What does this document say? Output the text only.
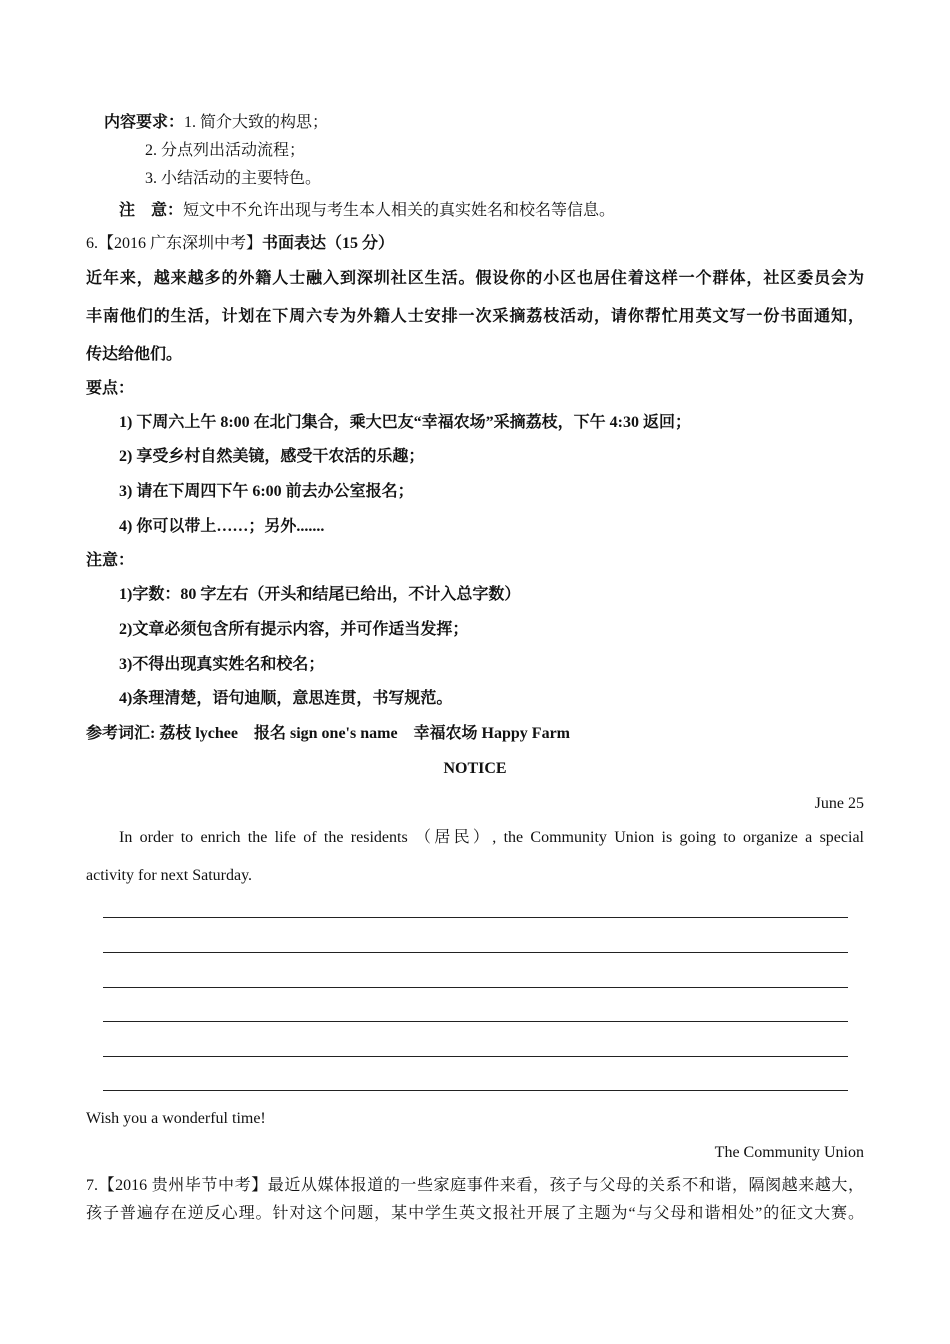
内容要求：1. 简介大致的构思；
2. 分点列出活动流程；
3. 小结活动的主要特色。
注　意：短文中不允许出现与考生本人相关的真实姓名和校名等信息。
6.【2016 广东深圳中考】书面表达（15 分）
近年来，越来越多的外籍人士融入到深圳社区生活。假设你的小区也居住着这样一个群体，社区委员会为
丰南他们的生活，计划在下周六专为外籍人士安排一次采摘荔枝活动，请你帮忙用英文写一份书面通知，
传达给他们。
要点：
1) 下周六上午 8:00 在北门集合，乘大巴友“幸福农场”采摘荔枝，下午 4:30 返回；
2) 享受乡村自然美镜，感受干农活的乐趣；
3) 请在下周四下午 6:00 前去办公室报名；
4) 你可以带上……；另外.......
注意：
1)字数：80 字左右（开头和结尾已给出，不计入总字数）
2)文章必须包含所有提示内容，并可作适当发挥；
3)不得出现真实姓名和校名；
4)条理清楚，语句迪顺，意思连贯，书写规范。
参考词汇: 荔枝 lychee　报名 sign one's name　幸福农场 Happy Farm
NOTICE
June 25
In order to enrich the life of the residents （居民）, the Community Union is going to organize a special
activity for next Saturday.
Wish you a wonderful time!
The Community Union
7.【2016 贵州毕节中考】最近从媒体报道的一些家庭事件来看，孩子与父母的关系不和谐，隔阂越来越大，
孩子普遍存在逆反心理。针对这个问题，某中学生英文报社开展了主题为“与父母和谐相处”的征文大赛。
